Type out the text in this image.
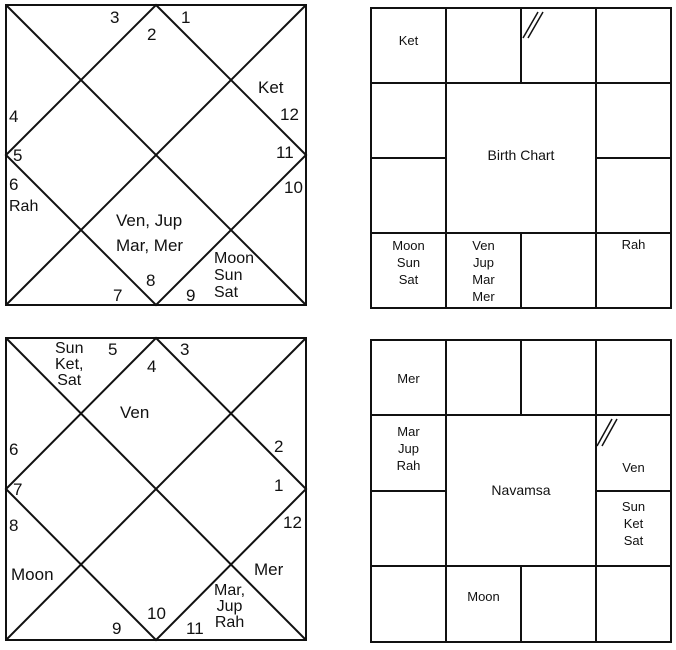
1
2
3
4
5
6
7
8
9
10
11
12
Rah
Ven, Jup
Mar, Mer
Moon
Sun
Sat
Ket
Ket
Birth Chart
Moon
Sun
Sat
Ven
Jup
Mar
Mer
Rah
3
4
5
6
7
8
9
10
11
12
1
2
Sun
Ket,
Sat
Ven
Moon	Mer
Mar,
Jup
Rah
Mer
Mar
Jup
Rah
Navamsa
Ven
Sun
Ket
Sat
Moon
